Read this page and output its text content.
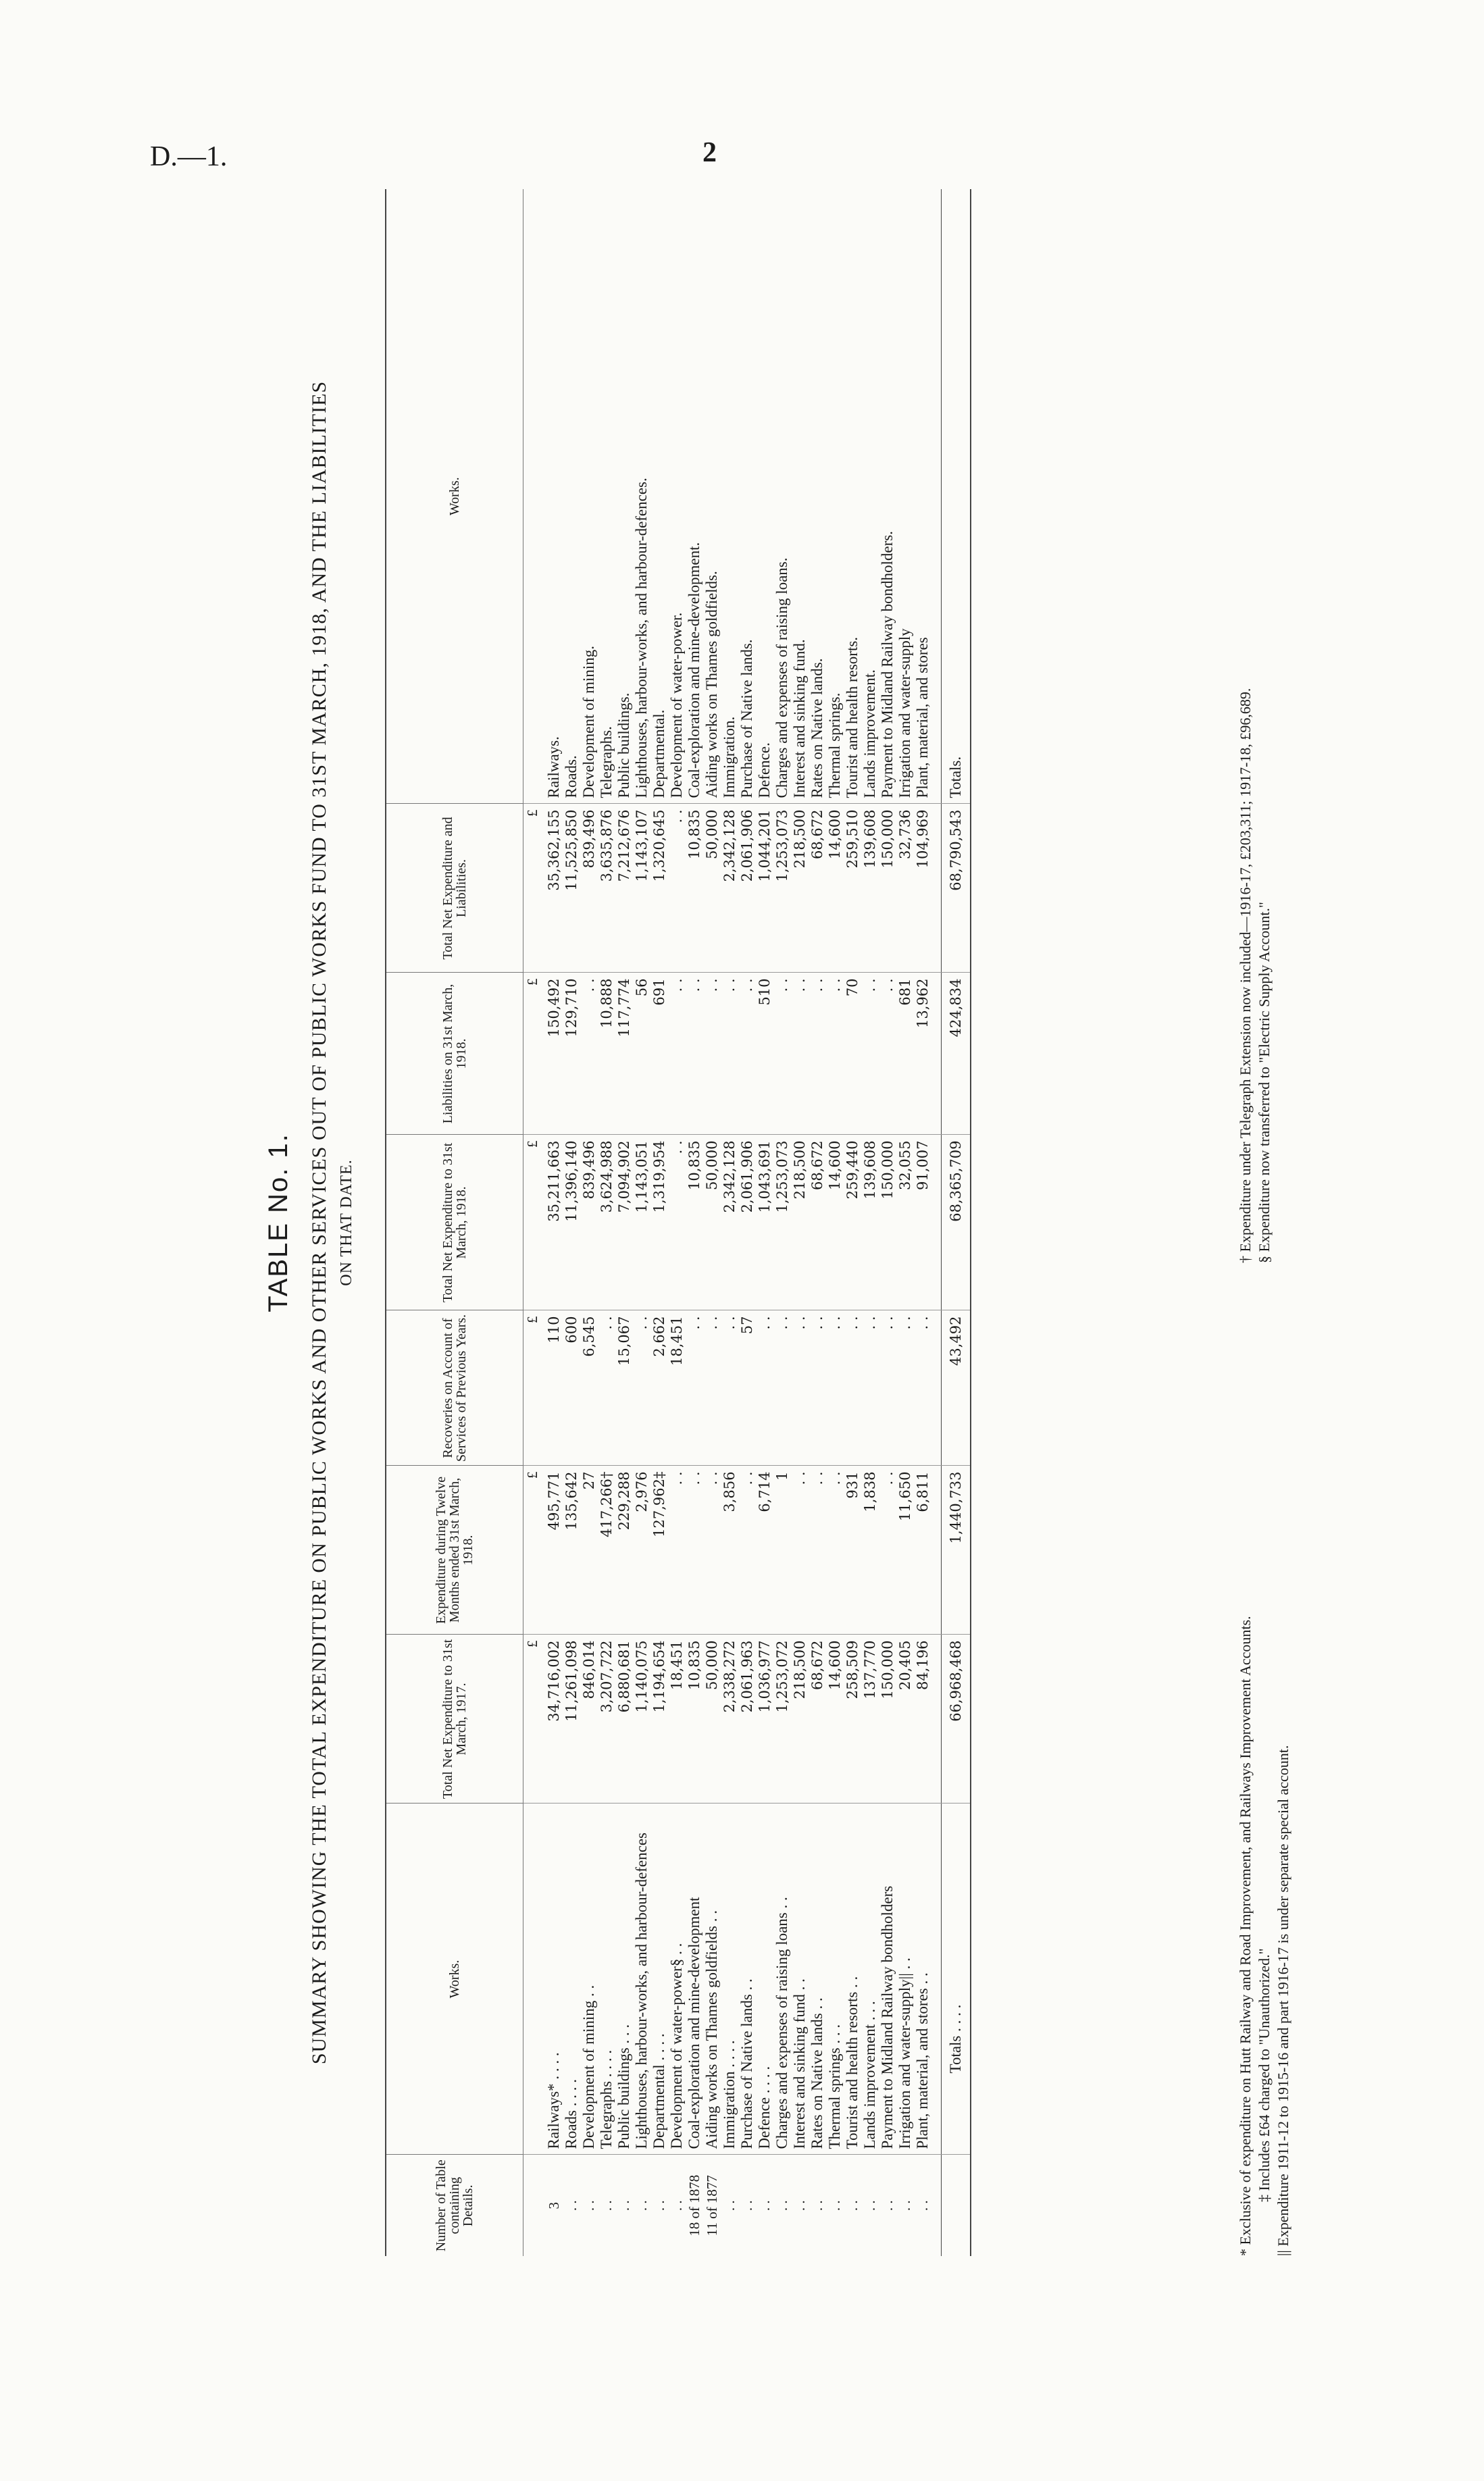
D.—1.	2
TABLE No. 1. SUMMARY SHOWING THE TOTAL EXPENDITURE ON PUBLIC WORKS AND OTHER SERVICES OUT OF PUBLIC WORKS FUND TO 31ST MARCH, 1918, AND THE LIABILITIES ON THAT DATE.
Number of Table containing Details.	Works.	Total Net Expenditure to 31st March, 1917.	Expenditure during Twelve Months ended 31st March, 1918.	Recoveries on Account of Services of Previous Years.	Total Net Expenditure to 31st March, 1918.	Liabilities on 31st March, 1918.	Total Net Expenditure and Liabilities.	Works.
		£	£	£	£	£	£	
3	Railways* . . . .	34,716,002	495,771	110	35,211,663	150,492	35,362,155	Railways.
. .	Roads . . . .	11,261,098	135,642	600	11,396,140	129,710	11,525,850	Roads.
. .	Development of mining . .	846,014	27	6,545	839,496	. .	839,496	Development of mining.
. .	Telegraphs . . . .	3,207,722	417,266†	. .	3,624,988	10,888	3,635,876	Telegraphs.
. .	Public buildings . . .	6,880,681	229,288	15,067	7,094,902	117,774	7,212,676	Public buildings.
. .	Lighthouses, harbour-works, and harbour-defences	1,140,075	2,976	. .	1,143,051	56	1,143,107	Lighthouses, harbour-works, and harbour-defences.
. .	Departmental . . . .	1,194,654	127,962‡	2,662	1,319,954	691	1,320,645	Departmental.
. .	Development of water-power§ . .	18,451	. .	18,451	. .	. .	. .	Development of water-power.
18 of 1878	Coal-exploration and mine-development	10,835	. .	. .	10,835	. .	10,835	Coal-exploration and mine-development.
11 of 1877	Aiding works on Thames goldfields . .	50,000	. .	. .	50,000	. .	50,000	Aiding works on Thames goldfields.
. .	Immigration . . . .	2,338,272	3,856	. .	2,342,128	. .	2,342,128	Immigration.
. .	Purchase of Native lands . .	2,061,963	. .	57	2,061,906	. .	2,061,906	Purchase of Native lands.
. .	Defence . . . .	1,036,977	6,714	. .	1,043,691	510	1,044,201	Defence.
. .	Charges and expenses of raising loans . .	1,253,072	1	. .	1,253,073	. .	1,253,073	Charges and expenses of raising loans.
. .	Interest and sinking fund . .	218,500	. .	. .	218,500	. .	218,500	Interest and sinking fund.
. .	Rates on Native lands . .	68,672	. .	. .	68,672	. .	68,672	Rates on Native lands.
. .	Thermal springs . . .	14,600	. .	. .	14,600	. .	14,600	Thermal springs.
. .	Tourist and health resorts . .	258,509	931	. .	259,440	70	259,510	Tourist and health resorts.
. .	Lands improvement . . .	137,770	1,838	. .	139,608	. .	139,608	Lands improvement.
. .	Payment to Midland Railway bondholders	150,000	. .	. .	150,000	. .	150,000	Payment to Midland Railway bondholders.
. .	Irrigation and water-supply|| . .	20,405	11,650	. .	32,055	681	32,736	Irrigation and water-supply
. .	Plant, material, and stores . .	84,196	6,811	. .	91,007	13,962	104,969	Plant, material, and stores

	Totals . . . .	66,968,468	1,440,733	43,492	68,365,709	424,834	68,790,543	Totals.
* Exclusive of expenditure on Hutt Railway and Road Improvement, and Railways Improvement Accounts.
† Expenditure under Telegraph Extension now included—1916-17, £203,311; 1917-18, £96,689.
‡ Includes £64 charged to "Unauthorized."
§ Expenditure now transferred to "Electric Supply Account."
|| Expenditure 1911-12 to 1915-16 and part 1916-17 is under separate special account.
